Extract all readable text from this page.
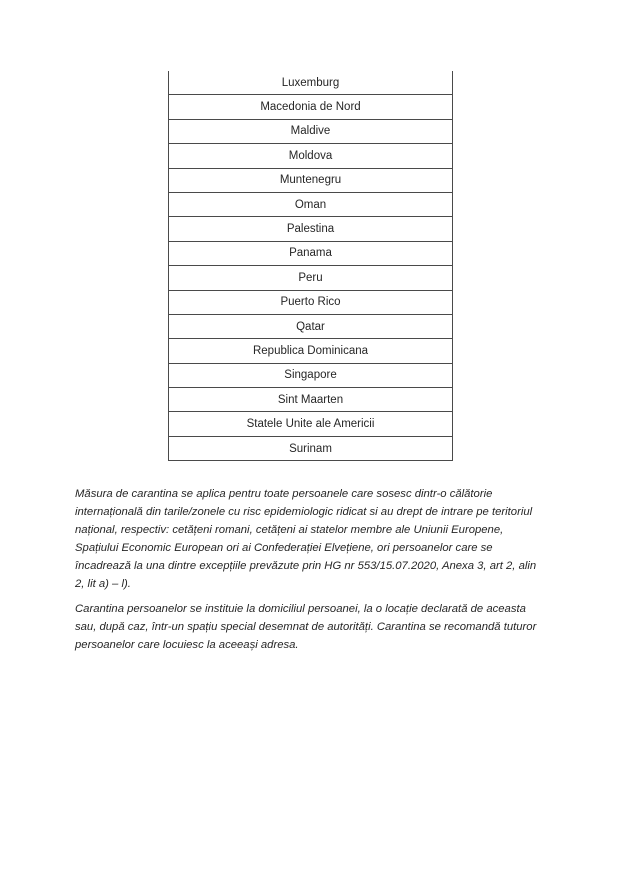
Luxemburg
Macedonia de Nord
Maldive
Moldova
Muntenegru
Oman
Palestina
Panama
Peru
Puerto Rico
Qatar
Republica Dominicana
Singapore
Sint Maarten
Statele Unite ale Americii
Surinam

Măsura de carantina se aplica pentru toate persoanele care sosesc dintr-o călătorie internațională din tarile/zonele cu risc epidemiologic ridicat si au drept de intrare pe teritoriul național, respectiv: cetățeni romani, cetățeni ai statelor membre ale Uniunii Europene, Spațiului Economic European ori ai Confederației Elvețiene, ori persoanelor care se încadrează la una dintre excepțiile prevăzute prin HG nr 553/15.07.2020, Anexa 3, art 2, alin 2, lit a) – l).

Carantina persoanelor se instituie la domiciliul persoanei, la o locație declarată de aceasta sau, după caz, într-un spațiu special desemnat de autorități. Carantina se recomandă tuturor persoanelor care locuiesc la aceeași adresa.
